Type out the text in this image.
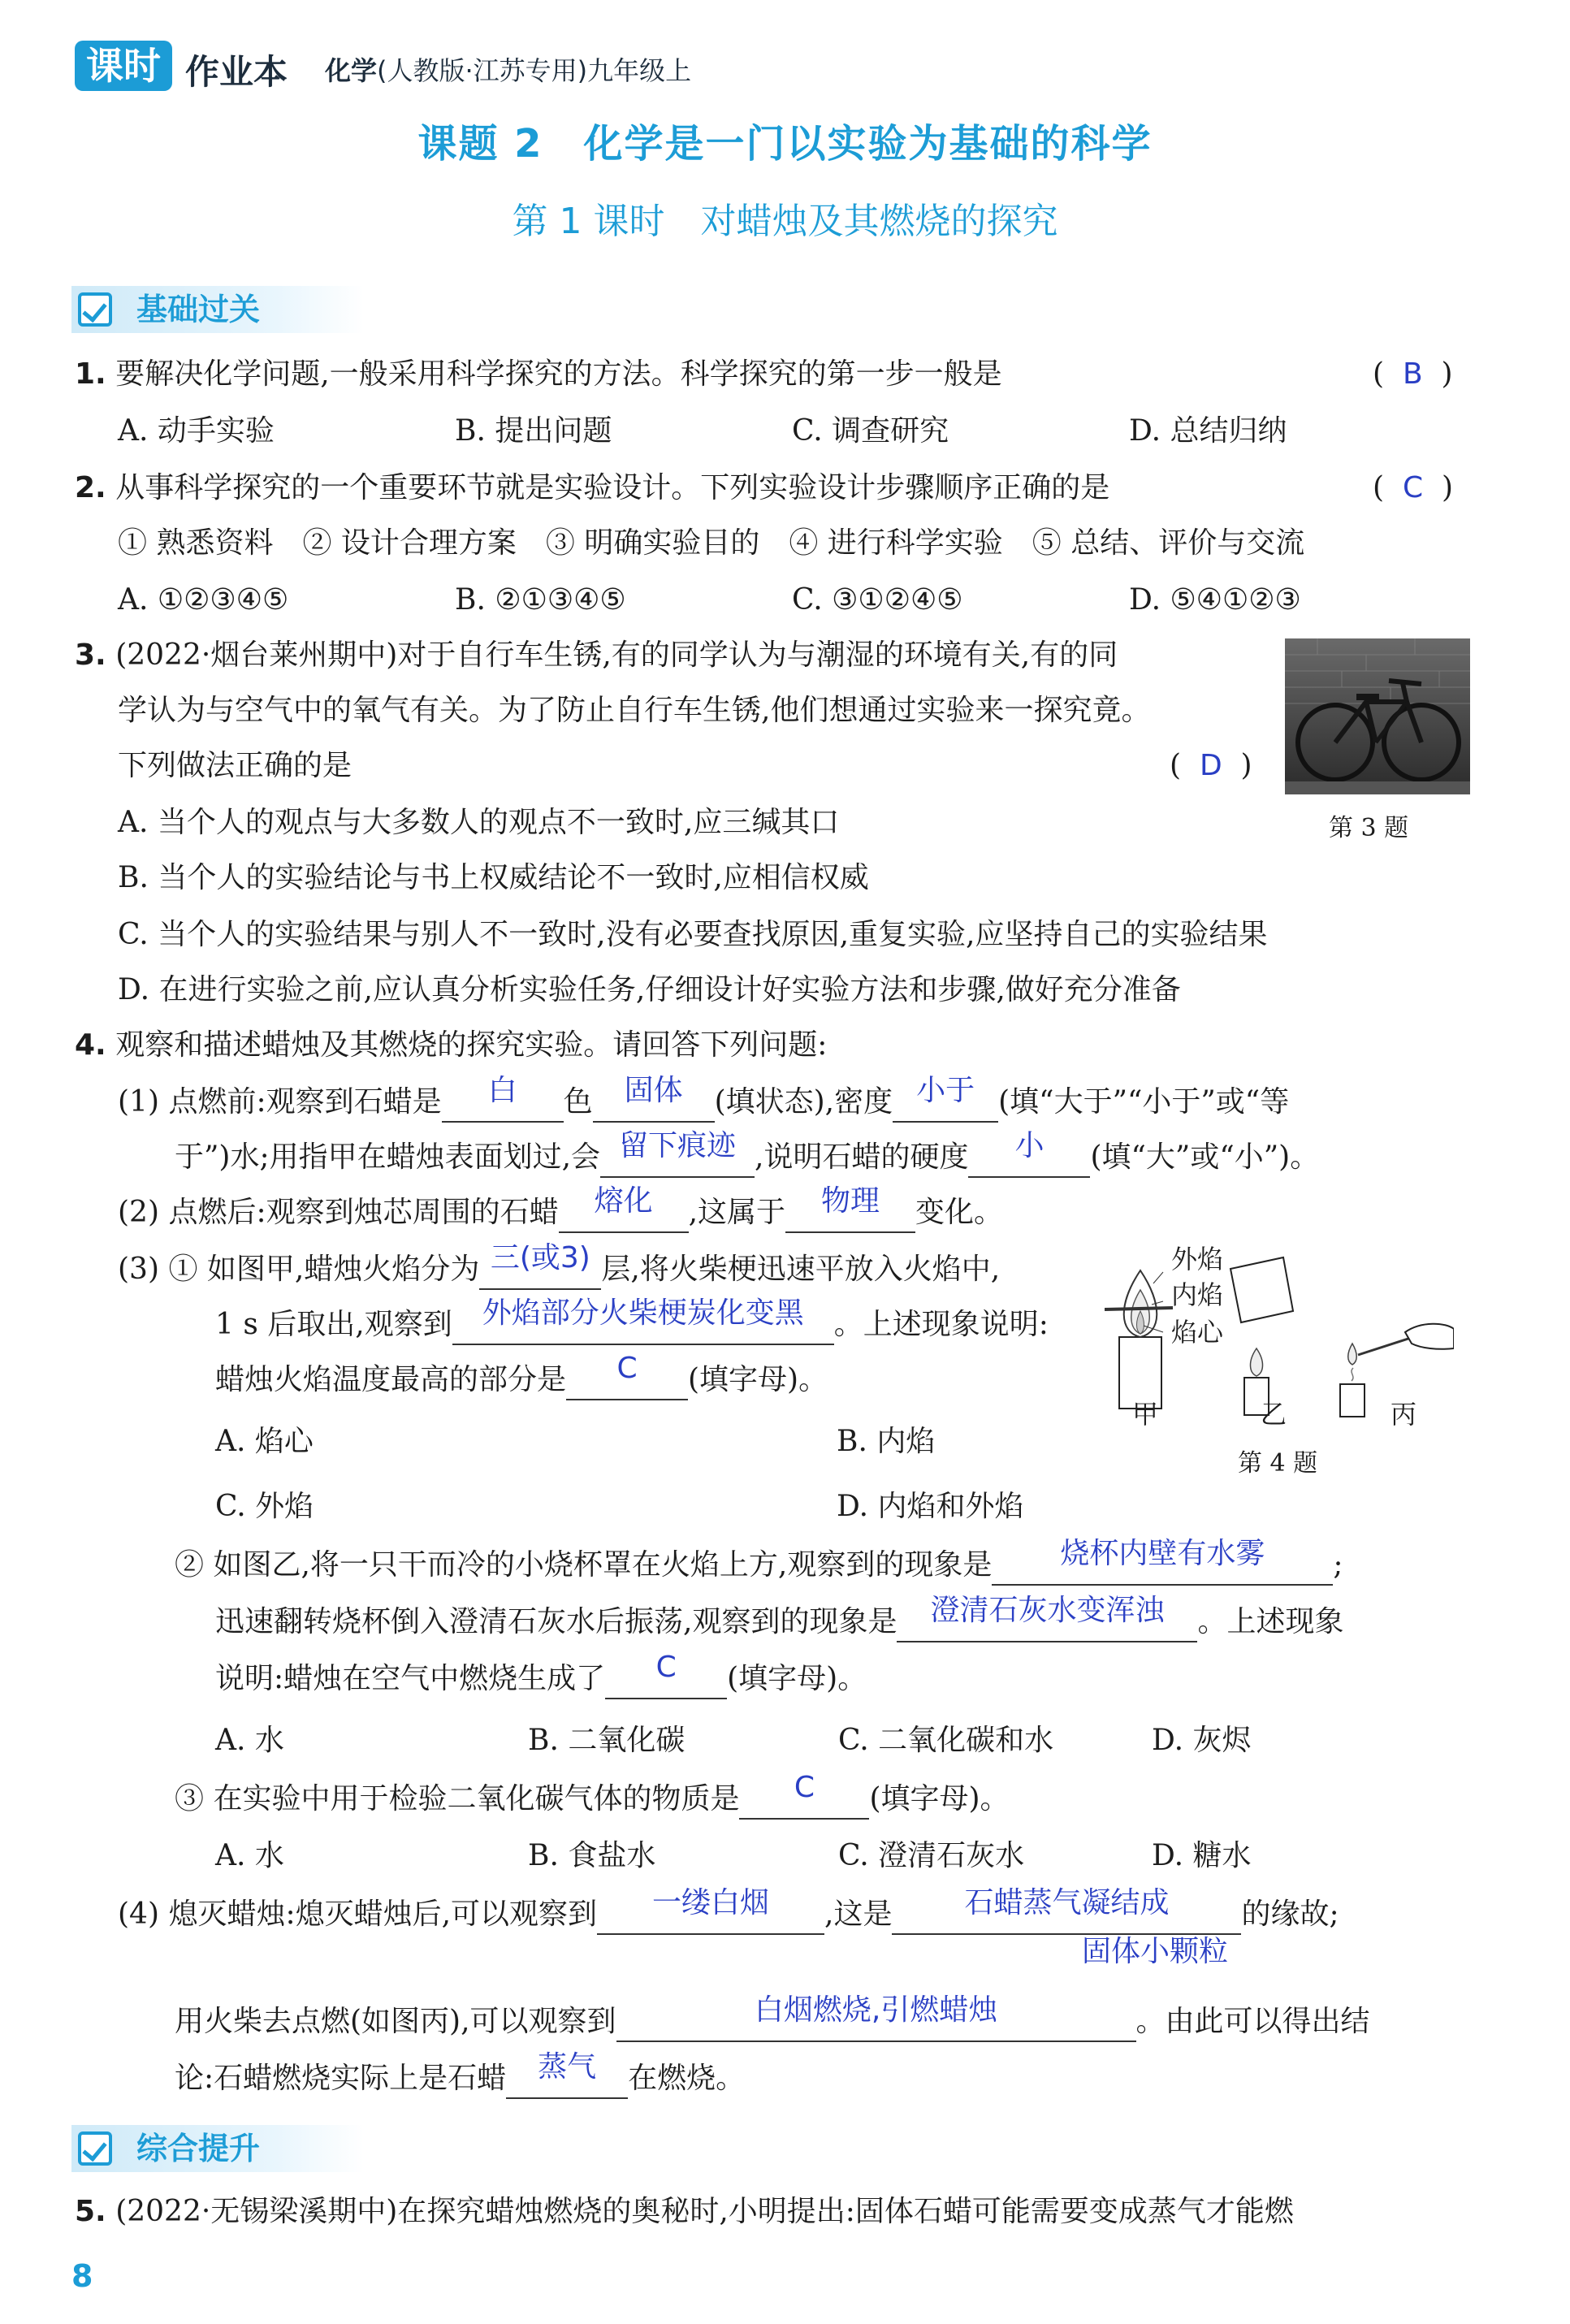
课时 作业本 化学(人教版·江苏专用)九年级上
课题 2　化学是一门以实验为基础的科学
第 1 课时　对蜡烛及其燃烧的探究
基础过关
1. 要解决化学问题,一般采用科学探究的方法。科学探究的第一步一般是	(  B  )
A. 动手实验	B. 提出问题	C. 调查研究	D. 总结归纳
2. 从事科学探究的一个重要环节就是实验设计。下列实验设计步骤顺序正确的是	(  C  )
① 熟悉资料　② 设计合理方案　③ 明确实验目的　④ 进行科学实验　⑤ 总结、评价与交流
A. ①②③④⑤	B. ②①③④⑤	C. ③①②④⑤	D. ⑤④①②③
3. (2022·烟台莱州期中)对于自行车生锈,有的同学认为与潮湿的环境有关,有的同
学认为与空气中的氧气有关。为了防止自行车生锈,他们想通过实验来一探究竟。
下列做法正确的是	(  D  )
第 3 题
A. 当个人的观点与大多数人的观点不一致时,应三缄其口
B. 当个人的实验结论与书上权威结论不一致时,应相信权威
C. 当个人的实验结果与别人不一致时,没有必要查找原因,重复实验,应坚持自己的实验结果
D. 在进行实验之前,应认真分析实验任务,仔细设计好实验方法和步骤,做好充分准备
4. 观察和描述蜡烛及其燃烧的探究实验。请回答下列问题:
(1) 点燃前:观察到石蜡是 白 色 固体 (填状态),密度 小于 (填“大于”“小于”或“等
于”)水;用指甲在蜡烛表面划过,会 留下痕迹 ,说明石蜡的硬度 小 (填“大”或“小”)。
(2) 点燃后:观察到烛芯周围的石蜡 熔化 ,这属于 物理 变化。
(3) ① 如图甲,蜡烛火焰分为 三(或3) 层,将火柴梗迅速平放入火焰中,
1 s 后取出,观察到 外焰部分火柴梗炭化变黑 。上述现象说明:
蜡烛火焰温度最高的部分是 C (填字母)。
A. 焰心	B. 内焰
C. 外焰	D. 内焰和外焰
外焰
内焰
焰心
甲	乙	丙
第 4 题
② 如图乙,将一只干而冷的小烧杯罩在火焰上方,观察到的现象是 烧杯内壁有水雾 ;
迅速翻转烧杯倒入澄清石灰水后振荡,观察到的现象是 澄清石灰水变浑浊 。上述现象
说明:蜡烛在空气中燃烧生成了 C (填字母)。
A. 水	B. 二氧化碳	C. 二氧化碳和水	D. 灰烬
③ 在实验中用于检验二氧化碳气体的物质是 C (填字母)。
A. 水	B. 食盐水	C. 澄清石灰水	D. 糖水
(4) 熄灭蜡烛:熄灭蜡烛后,可以观察到 一缕白烟 ,这是 石蜡蒸气凝结成 的缘故;
固体小颗粒
用火柴去点燃(如图丙),可以观察到	白烟燃烧,引燃蜡烛	。由此可以得出结
论:石蜡燃烧实际上是石蜡 蒸气 在燃烧。
综合提升
5. (2022·无锡梁溪期中)在探究蜡烛燃烧的奥秘时,小明提出:固体石蜡可能需要变成蒸气才能燃
8
